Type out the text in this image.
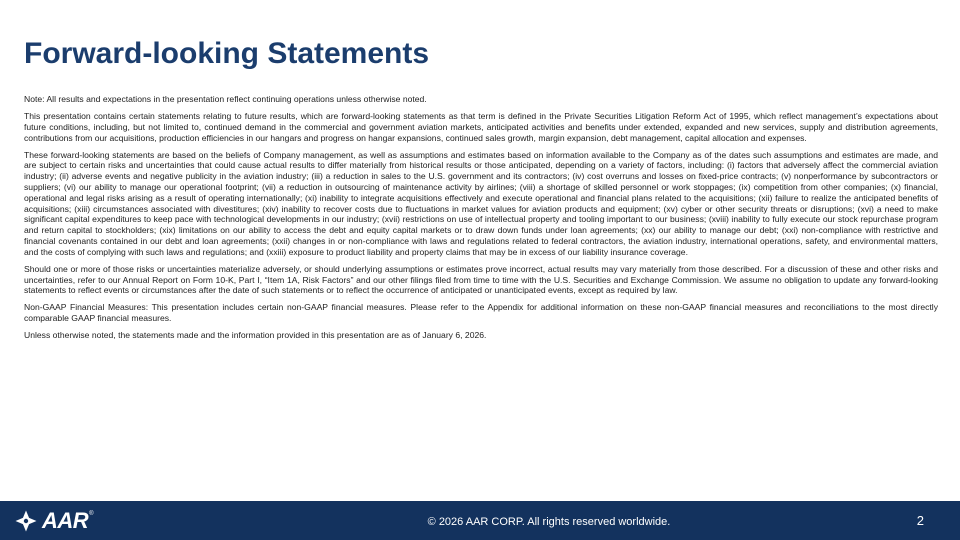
Forward-looking Statements

Note: All results and expectations in the presentation reflect continuing operations unless otherwise noted.

This presentation contains certain statements relating to future results, which are forward-looking statements as that term is defined in the Private Securities Litigation Reform Act of 1995, which reflect management’s expectations about future conditions, including, but not limited to, continued demand in the commercial and government aviation markets, anticipated activities and benefits under extended, expanded and new services, supply and distribution agreements, contributions from our acquisitions, production efficiencies in our hangars and progress on hangar expansions, continued sales growth, margin expansion, debt management, capital allocation and expenses.

These forward-looking statements are based on the beliefs of Company management, as well as assumptions and estimates based on information available to the Company as of the dates such assumptions and estimates are made, and are subject to certain risks and uncertainties that could cause actual results to differ materially from historical results or those anticipated, depending on a variety of factors, including: (i) factors that adversely affect the commercial aviation industry; (ii) adverse events and negative publicity in the aviation industry; (iii) a reduction in sales to the U.S. government and its contractors; (iv) cost overruns and losses on fixed-price contracts; (v) nonperformance by subcontractors or suppliers; (vi) our ability to manage our operational footprint; (vii) a reduction in outsourcing of maintenance activity by airlines; (viii) a shortage of skilled personnel or work stoppages; (ix) competition from other companies; (x) financial, operational and legal risks arising as a result of operating internationally; (xi) inability to integrate acquisitions effectively and execute operational and financial plans related to the acquisitions; (xii) failure to realize the anticipated benefits of acquisitions; (xiii) circumstances associated with divestitures; (xiv) inability to recover costs due to fluctuations in market values for aviation products and equipment; (xv) cyber or other security threats or disruptions; (xvi) a need to make significant capital expenditures to keep pace with technological developments in our industry; (xvii) restrictions on use of intellectual property and tooling important to our business; (xviii) inability to fully execute our stock repurchase program and return capital to stockholders; (xix) limitations on our ability to access the debt and equity capital markets or to draw down funds under loan agreements; (xx) our ability to manage our debt; (xxi) non-compliance with restrictive and financial covenants contained in our debt and loan agreements; (xxii) changes in or non-compliance with laws and regulations related to federal contractors, the aviation industry, international operations, safety, and environmental matters, and the costs of complying with such laws and regulations; and (xxiii) exposure to product liability and property claims that may be in excess of our liability insurance coverage.

Should one or more of those risks or uncertainties materialize adversely, or should underlying assumptions or estimates prove incorrect, actual results may vary materially from those described. For a discussion of these and other risks and uncertainties, refer to our Annual Report on Form 10-K, Part I, “Item 1A, Risk Factors” and our other filings filed from time to time with the U.S. Securities and Exchange Commission. We assume no obligation to update any forward-looking statements to reflect events or circumstances after the date of such statements or to reflect the occurrence of anticipated or unanticipated events, except as required by law.

Non-GAAP Financial Measures: This presentation includes certain non-GAAP financial measures. Please refer to the Appendix for additional information on these non-GAAP financial measures and reconciliations to the most directly comparable GAAP financial measures.

Unless otherwise noted, the statements made and the information provided in this presentation are as of January 6, 2026.

AAR ®
© 2026 AAR CORP. All rights reserved worldwide.	2
